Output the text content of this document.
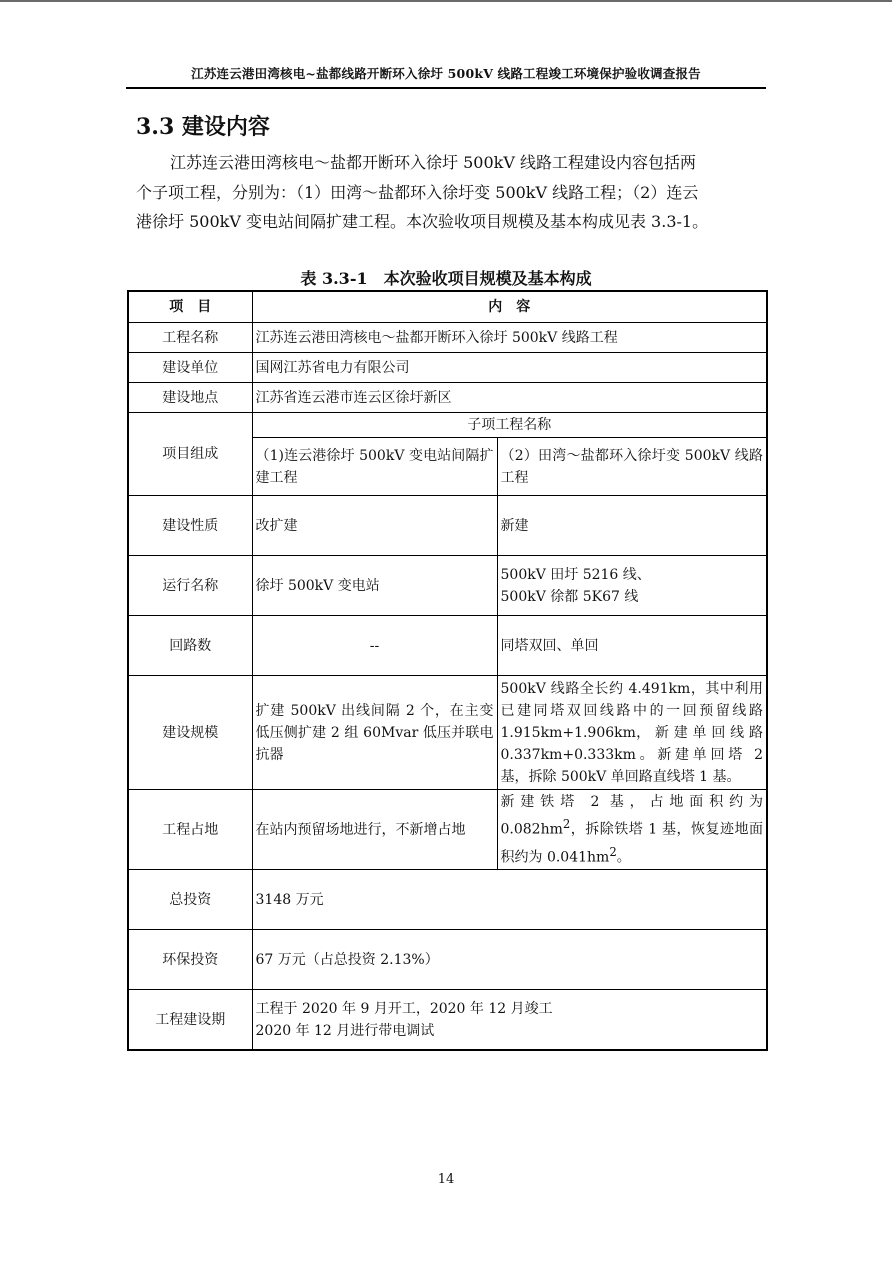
江苏连云港田湾核电~盐都线路开断环入徐圩 500kV 线路工程竣工环境保护验收调查报告
3.3 建设内容

江苏连云港田湾核电～盐都开断环入徐圩 500kV 线路工程建设内容包括两
个子项工程，分别为：（1）田湾～盐都环入徐圩变 500kV 线路工程；（2）连云
港徐圩 500kV 变电站间隔扩建工程。本次验收项目规模及基本构成见表 3.3-1。

表 3.3-1　本次验收项目规模及基本构成
项　目	内　容	
工程名称	江苏连云港田湾核电～盐都开断环入徐圩 500kV 线路工程	
建设单位	国网江苏省电力有限公司	
建设地点	江苏省连云港市连云区徐圩新区	
项目组成	子项工程名称	
	（1)连云港徐圩 500kV 变电站间隔扩建工程	（2）田湾～盐都环入徐圩变 500kV 线路工程
建设性质	改扩建	新建
运行名称	徐圩 500kV 变电站	500kV 田圩 5216 线、
500kV 徐都 5K67 线
回路数	--	同塔双回、单回
建设规模	扩建 500kV 出线间隔 2 个，在主变低压侧扩建 2 组 60Mvar 低压并联电抗器	500kV 线路全长约 4.491km，其中利用已建同塔双回线路中的一回预留线路 1.915km+1.906km， 新 建 单 回 线 路 0.337km+0.333km。新建单回塔 2 基，拆除 500kV 单回路直线塔 1 基。
工程占地	在站内预留场地进行，不新增占地	新建铁塔 2 基，占地面积约为 $0.082hm^2$，拆除铁塔 1 基，恢复迹地面积约为 $0.041hm^2$。
总投资	3148 万元	
环保投资	67 万元（占总投资 2.13%）	
工程建设期	工程于 2020 年 9 月开工，2020 年 12 月竣工
2020 年 12 月进行带电调试	
14
